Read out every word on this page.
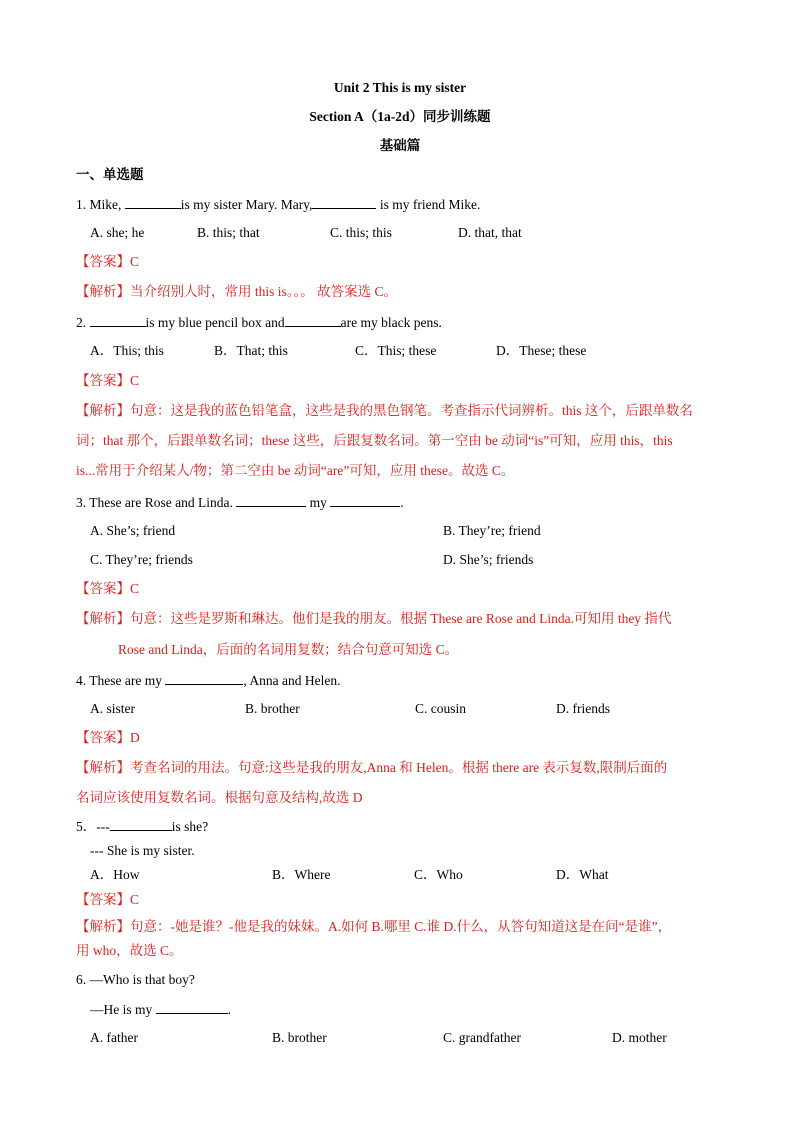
Unit 2 This is my sister
Section A（1a-2d）同步训练题
基础篇
一、单选题
1. Mike,	is my sister Mary. Mary,	is my friend Mike.
A. she; he	B. this; that	C. this; this	D. that, that
【答案】C
【解析】当介绍别人时，常用 this is。。。 故答案选 C。
2.	is my blue pencil box and	are my black pens.
A．This; this	B．That; this	C．This; these	D．These; these
【答案】C
【解析】句意：这是我的蓝色铅笔盒，这些是我的黑色钢笔。考查指示代词辨析。this 这个，后跟单数名
词；that 那个，后跟单数名词；these 这些，后跟复数名词。第一空由 be 动词“is”可知，应用 this，this
is...常用于介绍某人/物；第二空由 be 动词“are”可知，应用 these。故选 C。
3. These are Rose and Linda.	my	.
A. She’s; friend	B. They’re; friend
C. They’re; friends	D. She’s; friends
【答案】C
【解析】句意：这些是罗斯和琳达。他们是我的朋友。根据 These are Rose and Linda.可知用 they 指代
Rose and Linda，后面的名词用复数；结合句意可知选 C。
4. These are my	, Anna and Helen.
A. sister	B. brother	C. cousin	D. friends
【答案】D
【解析】考查名词的用法。句意:这些是我的朋友,Anna 和 Helen。根据 there are 表示复数,限制后面的
名词应该使用复数名词。根据句意及结构,故选 D
5．---	is she?
--- She is my sister.
A．How	B．Where	C．Who	D．What
【答案】C
【解析】句意：-她是谁？-他是我的妹妹。A.如何 B.哪里 C.谁 D.什么，从答句知道这是在问“是谁”，
用 who，故选 C。
6. —Who is that boy?
—He is my	.
A. father	B. brother	C. grandfather	D. mother
